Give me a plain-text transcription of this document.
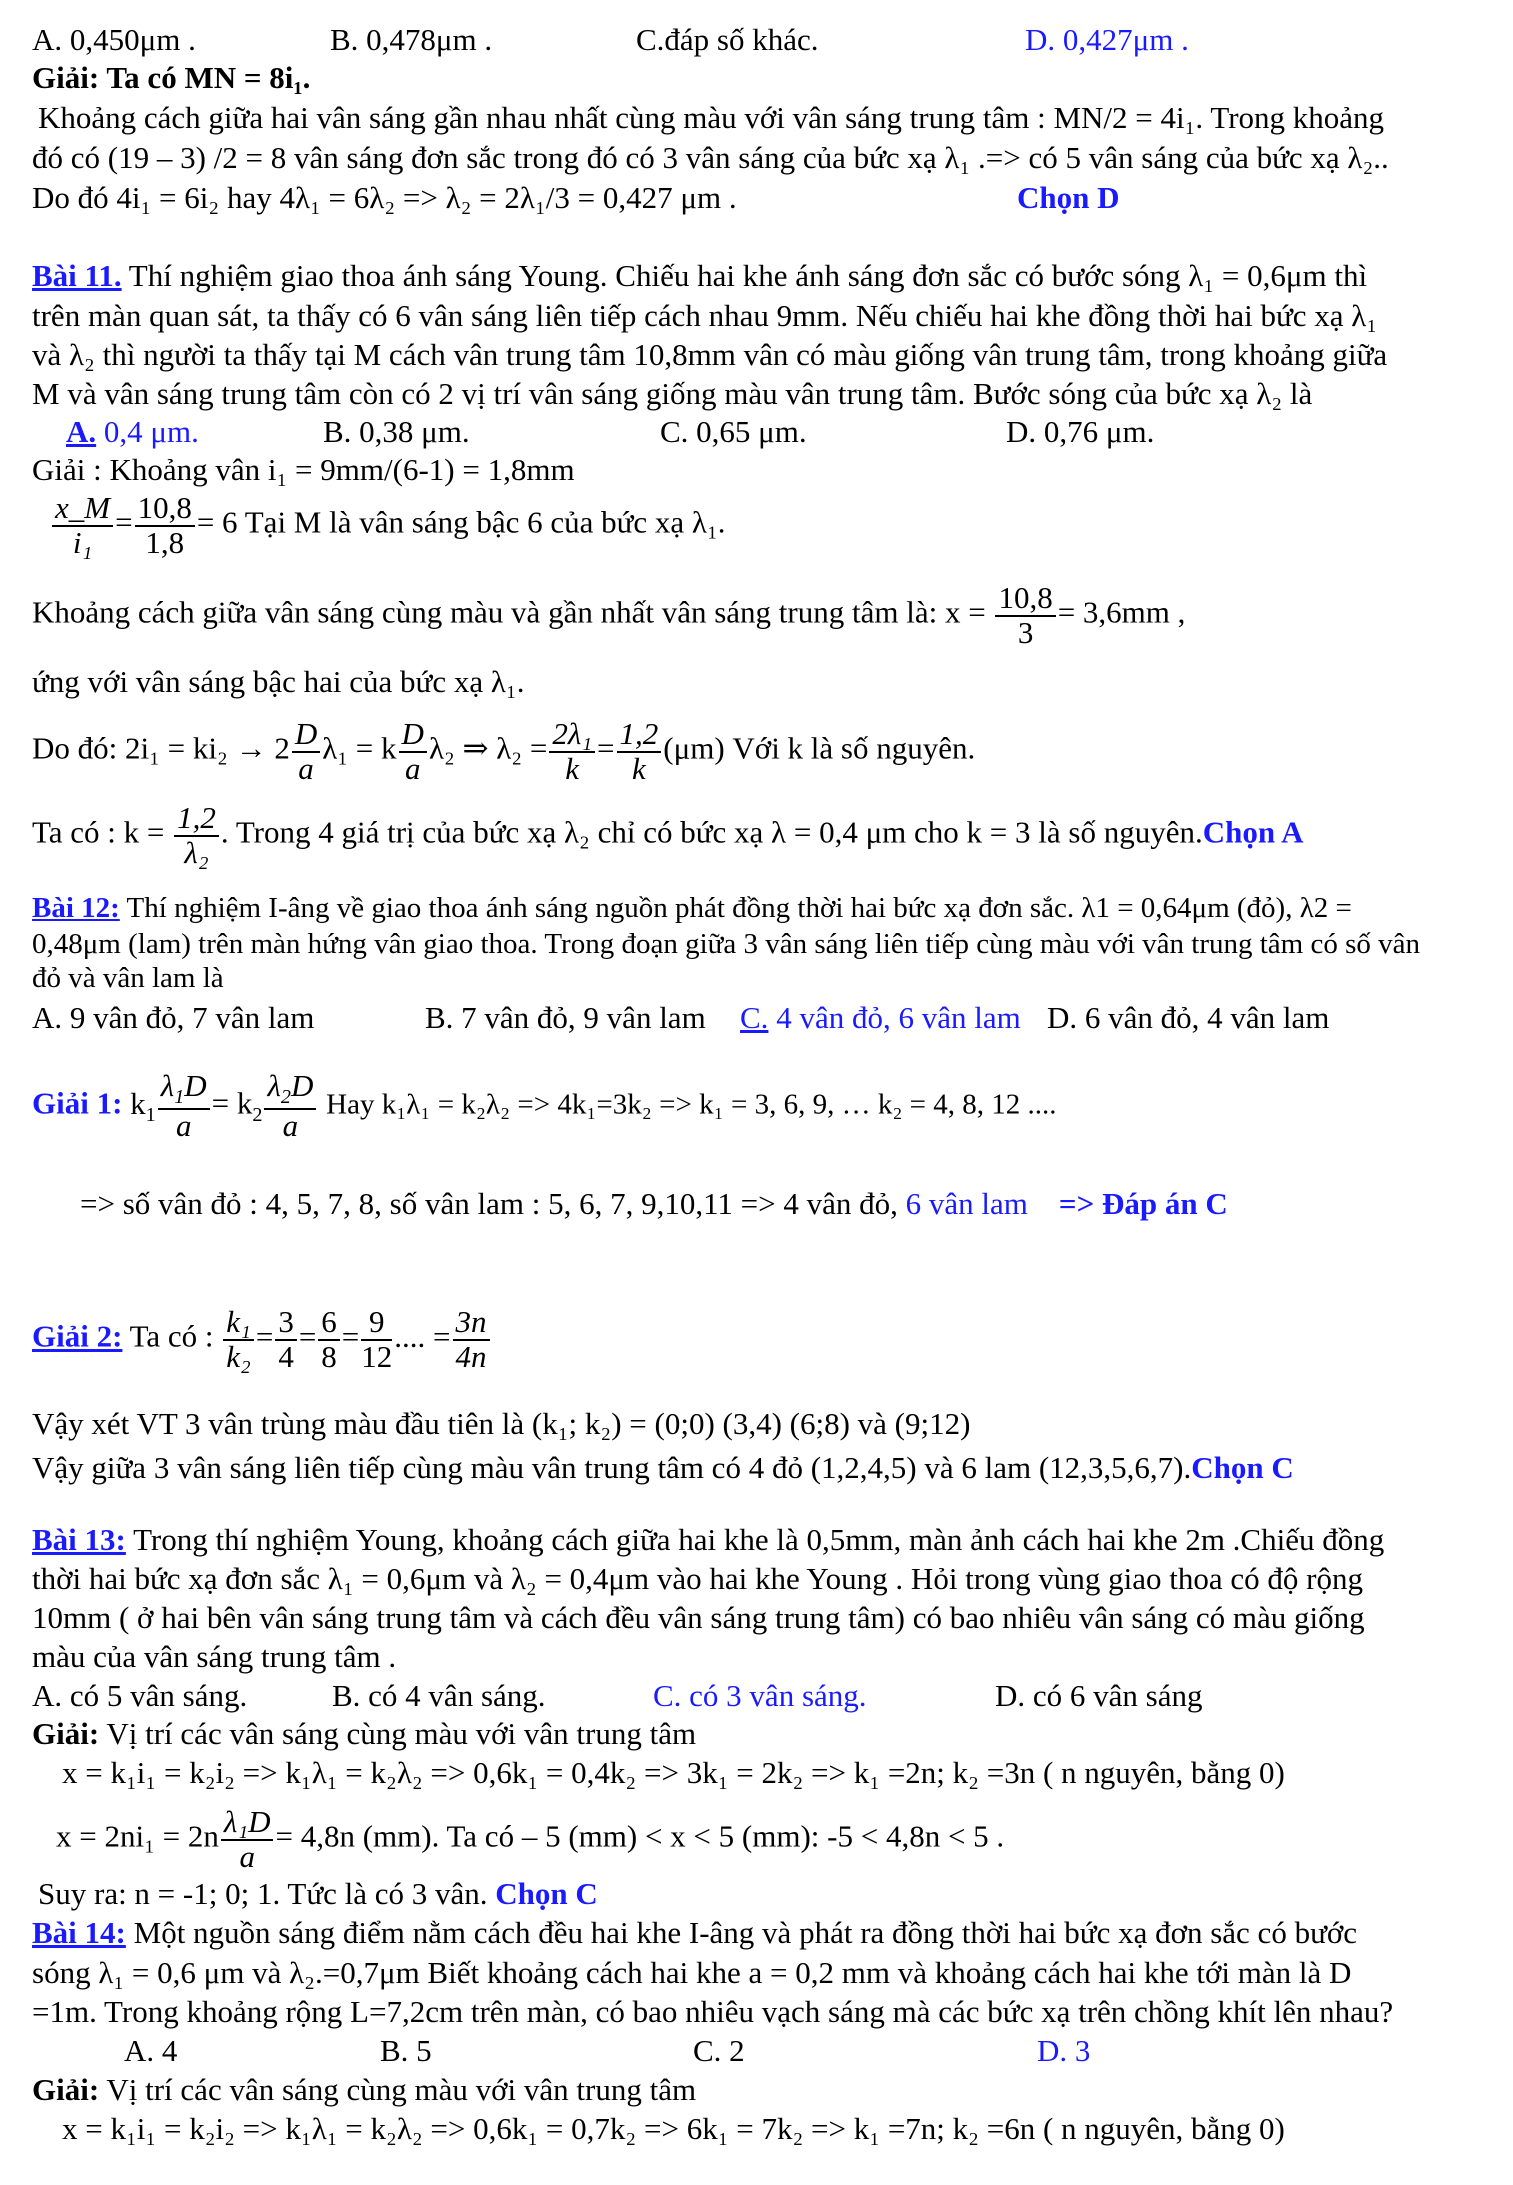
A. 0,450μm .	B. 0,478μm .	C.đáp số khác.	D. 0,427μm .
Giải: Ta có MN = 8i₁.
Khoảng cách giữa hai vân sáng gần nhau nhất cùng màu với vân sáng trung tâm : MN/2 = 4i₁. Trong khoảng
đó có (19 – 3) /2 = 8 vân sáng đơn sắc trong đó có 3 vân sáng của bức xạ λ₁ .=> có 5 vân sáng của bức xạ λ₂..
Do đó 4i₁ = 6i₂ hay 4λ₁ = 6λ₂ => λ₂ = 2λ₁/3 = 0,427 μm .	Chọn D
Bài 11. Thí nghiệm giao thoa ánh sáng Young. Chiếu hai khe ánh sáng đơn sắc có bước sóng λ₁ = 0,6μm thì
trên màn quan sát, ta thấy có 6 vân sáng liên tiếp cách nhau 9mm. Nếu chiếu hai khe đồng thời hai bức xạ λ₁
và λ₂ thì người ta thấy tại M cách vân trung tâm 10,8mm vân có màu giống vân trung tâm, trong khoảng giữa
M và vân sáng trung tâm còn có 2 vị trí vân sáng giống màu vân trung tâm. Bước sóng của bức xạ λ₂ là
A. 0,4 μm.	B. 0,38 μm.	C. 0,65 μm.	D. 0,76 μm.
Giải : Khoảng vân i₁ = 9mm/(6-1) = 1,8mm
$\frac{x\_M}{\text{i₁}} = \frac{10,8}{1,8} = 6$ Tại M là vân sáng bậc 6 của bức xạ λ₁.
Khoảng cách giữa vân sáng cùng màu và gần nhất vân sáng trung tâm là: $x = \frac{10,8}{3} = 3,6mm$ ,
ứng với vân sáng bậc hai của bức xạ λ₁.
Do đó: $2i_1 = ki_2 \to 2 \frac{D}{a} \lambda_1 = k \frac{D}{a} \lambda_2$ ⇒ $\lambda_2 = \frac{\text{2λ₁}}{k} = \frac{1,2}{k} (\mu m)$ Với k là số nguyên.
Ta có : $k = \frac{1,2}{\text{λ₂}}$ . Trong 4 giá trị của bức xạ λ₂ chỉ có bức xạ λ = 0,4 μm cho k = 3 là số nguyên.Chọn A
Bài 12: Thí nghiệm I-âng về giao thoa ánh sáng nguồn phát đồng thời hai bức xạ đơn sắc. λ1 = 0,64μm (đỏ), λ2 =
0,48μm (lam) trên màn hứng vân giao thoa. Trong đoạn giữa 3 vân sáng liên tiếp cùng màu với vân trung tâm có số vân
đỏ và vân lam là
A. 9 vân đỏ, 7 vân lam	B. 7 vân đỏ, 9 vân lam C. 4 vân đỏ, 6 vân lam D. 6 vân đỏ, 4 vân lam
Giải 1: $k_1 \frac{\lambda_1D}{a} = k_2 \frac{\lambda_2D}{a}$ Hay k₁λ₁ = k₂λ₂ => 4k₁=3k₂ => k₁ = 3, 6, 9, … k₂ = 4, 8, 12 ....
=> số vân đỏ : 4, 5, 7, 8, số vân lam : 5, 6, 7, 9,10,11 => 4 vân đỏ, 6 vân lam => Đáp án C
Giải 2: Ta có : $\frac{\text{k₁}}{\text{k₂}} = \frac{3}{4} = \frac{6}{8} = \frac{9}{12}$ .... = $\frac{3n}{4n}$
Vậy xét VT 3 vân trùng màu đầu tiên là (k₁; k₂) = (0;0) (3,4) (6;8) và (9;12)
Vậy giữa 3 vân sáng liên tiếp cùng màu vân trung tâm có 4 đỏ (1,2,4,5) và 6 lam (12,3,5,6,7).Chọn C
Bài 13: Trong thí nghiệm Young, khoảng cách giữa hai khe là 0,5mm, màn ảnh cách hai khe 2m .Chiếu đồng
thời hai bức xạ đơn sắc λ₁ = 0,6μm và λ₂ = 0,4μm vào hai khe Young . Hỏi trong vùng giao thoa có độ rộng
10mm ( ở hai bên vân sáng trung tâm và cách đều vân sáng trung tâm) có bao nhiêu vân sáng có màu giống
màu của vân sáng trung tâm .
A. có 5 vân sáng.	B. có 4 vân sáng.	C. có 3 vân sáng.	D. có 6 vân sáng
Giải: Vị trí các vân sáng cùng màu với vân trung tâm
x = k₁i₁ = k₂i₂ => k₁λ₁ = k₂λ₂ => 0,6k₁ = 0,4k₂ => 3k₁ = 2k₂ => k₁ =2n; k₂ =3n ( n nguyên, bằng 0)
$x = 2ni_1 = 2n \frac{\text{λ₁D}}{a} = 4,8n$ (mm). Ta có – 5 (mm) < x < 5 (mm): -5 < 4,8n < 5 .
Suy ra: n = -1; 0; 1. Tức là có 3 vân. Chọn C
Bài 14: Một nguồn sáng điểm nằm cách đều hai khe I-âng và phát ra đồng thời hai bức xạ đơn sắc có bước
sóng λ₁ = 0,6 μm và λ₂.=0,7μm Biết khoảng cách hai khe a = 0,2 mm và khoảng cách hai khe tới màn là D
=1m. Trong khoảng rộng L=7,2cm trên màn, có bao nhiêu vạch sáng mà các bức xạ trên chồng khít lên nhau?
A. 4	B. 5	C. 2	D. 3
Giải: Vị trí các vân sáng cùng màu với vân trung tâm
x = k₁i₁ = k₂i₂ => k₁λ₁ = k₂λ₂ => 0,6k₁ = 0,7k₂ => 6k₁ = 7k₂ => k₁ =7n; k₂ =6n ( n nguyên, bằng 0)
